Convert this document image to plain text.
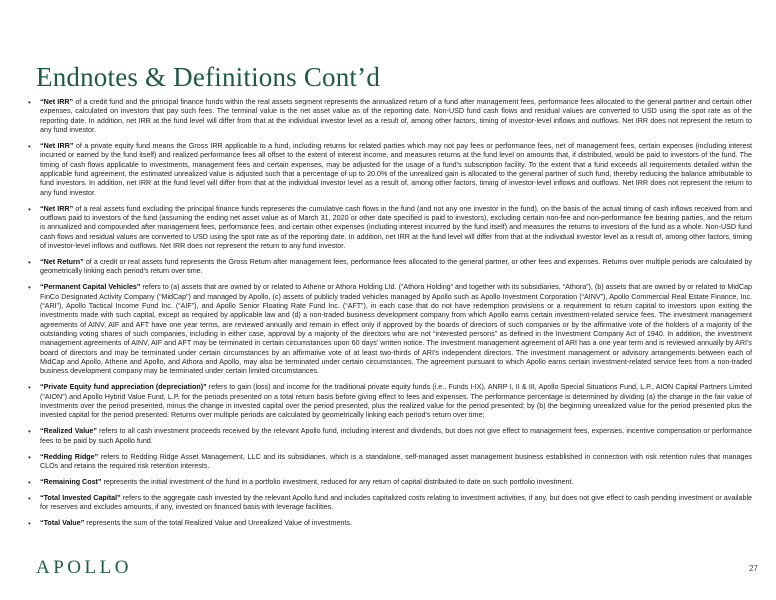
Endnotes & Definitions Cont’d
• “Net IRR” of a credit fund and the principal finance funds within the real assets segment represents the annualized return of a fund after management fees, performance fees allocated to the general partner and certain other expenses, calculated on investors that pay such fees. The terminal value is the net asset value as of the reporting date. Non-USD fund cash flows and residual values are converted to USD using the spot rate as of the reporting date. In addition, net IRR at the fund level will differ from that at the individual investor level as a result of, among other factors, timing of investor-level inflows and outflows. Net IRR does not represent the return to any fund investor.
• “Net IRR” of a private equity fund means the Gross IRR applicable to a fund, including returns for related parties which may not pay fees or performance fees, net of management fees, certain expenses (including interest incurred or earned by the fund itself) and realized performance fees all offset to the extent of interest income, and measures returns at the fund level on amounts that, if distributed, would be paid to investors of the fund. The timing of cash flows applicable to investments, management fees and certain expenses, may be adjusted for the usage of a fund’s subscription facility. To the extent that a fund exceeds all requirements detailed within the applicable fund agreement, the estimated unrealized value is adjusted such that a percentage of up to 20.0% of the unrealized gain is allocated to the general partner of such fund, thereby reducing the balance attributable to fund investors. In addition, net IRR at the fund level will differ from that at the individual investor level as a result of, among other factors, timing of investor-level inflows and outflows. Net IRR does not represent the return to any fund investor.
• “Net IRR” of a real assets fund excluding the principal finance funds represents the cumulative cash flows in the fund (and not any one investor in the fund), on the basis of the actual timing of cash inflows received from and outflows paid to investors of the fund (assuming the ending net asset value as of March 31, 2020 or other date specified is paid to investors), excluding certain non-fee and non-performance fee bearing parties, and the return is annualized and compounded after management fees, performance fees, and certain other expenses (including interest incurred by the fund itself) and measures the returns to investors of the fund as a whole. Non-USD fund cash flows and residual values are converted to USD using the spot rate as of the reporting date. In addition, net IRR at the fund level will differ from that at the individual investor level as a result of, among other factors, timing of investor-level inflows and outflows. Net IRR does not represent the return to any fund investor.
• “Net Return” of a credit or real assets fund represents the Gross Return after management fees, performance fees allocated to the general partner, or other fees and expenses. Returns over multiple periods are calculated by geometrically linking each period’s return over time.
• “Permanent Capital Vehicles” refers to (a) assets that are owned by or related to Athene or Athora Holding Ltd. (“Athora Holding” and together with its subsidiaries, “Athora”), (b) assets that are owned by or related to MidCap FinCo Designated Activity Company (“MidCap”) and managed by Apollo, (c) assets of publicly traded vehicles managed by Apollo such as Apollo Investment Corporation (“AINV”), Apollo Commercial Real Estate Finance, Inc. (“ARI”), Apollo Tactical Income Fund Inc. (“AIF”), and Apollo Senior Floating Rate Fund Inc. (“AFT”), in each case that do not have redemption provisions or a requirement to return capital to investors upon exiting the investments made with such capital, except as required by applicable law and (d) a non-traded business development company from which Apollo earns certain investment-related service fees. The investment management agreements of AINV, AIF and AFT have one year terms, are reviewed annually and remain in effect only if approved by the boards of directors of such companies or by the affirmative vote of the holders of a majority of the outstanding voting shares of such companies, including in either case, approval by a majority of the directors who are not “interested persons” as defined in the Investment Company Act of 1940. In addition, the investment management agreements of AINV, AIF and AFT may be terminated in certain circumstances upon 60 days’ written notice. The investment management agreement of ARI has a one year term and is reviewed annually by ARI’s board of directors and may be terminated under certain circumstances by an affirmative vote of at least two-thirds of ARI’s independent directors. The investment management or advisory arrangements between each of MidCap and Apollo, Athene and Apollo, and Athora and Apollo, may also be terminated under certain circumstances. The agreement pursuant to which Apollo earns certain investment-related service fees from a non-traded business development company may be terminated under certain limited circumstances.
• “Private Equity fund appreciation (depreciation)” refers to gain (loss) and income for the traditional private equity funds (i.e., Funds I-IX), ANRP I, II & III, Apollo Special Situations Fund, L.P., AION Capital Partners Limited (“AION”) and Apollo Hybrid Value Fund, L.P. for the periods presented on a total return basis before giving effect to fees and expenses. The performance percentage is determined by dividing (a) the change in the fair value of investments over the period presented, minus the change in invested capital over the period presented, plus the realized value for the period presented; by (b) the beginning unrealized value for the period presented plus the invested capital for the period presented. Returns over multiple periods are calculated by geometrically linking each period’s return over time;
• “Realized Value” refers to all cash investment proceeds received by the relevant Apollo fund, including interest and dividends, but does not give effect to management fees, expenses, incentive compensation or performance fees to be paid by such Apollo fund.
• “Redding Ridge” refers to Redding Ridge Asset Management, LLC and its subsidiaries, which is a standalone, self-managed asset management business established in connection with risk retention rules that manages CLOs and retains the required risk retention interests.
• “Remaining Cost” represents the initial investment of the fund in a portfolio investment, reduced for any return of capital distributed to date on such portfolio investment.
• “Total Invested Capital” refers to the aggregate cash invested by the relevant Apollo fund and includes capitalized costs relating to investment activities, if any, but does not give effect to cash pending investment or available for reserves and excludes amounts, if any, invested on financed basis with leverage facilities.
• “Total Value” represents the sum of the total Realized Value and Unrealized Value of investments.
APOLLO	27
